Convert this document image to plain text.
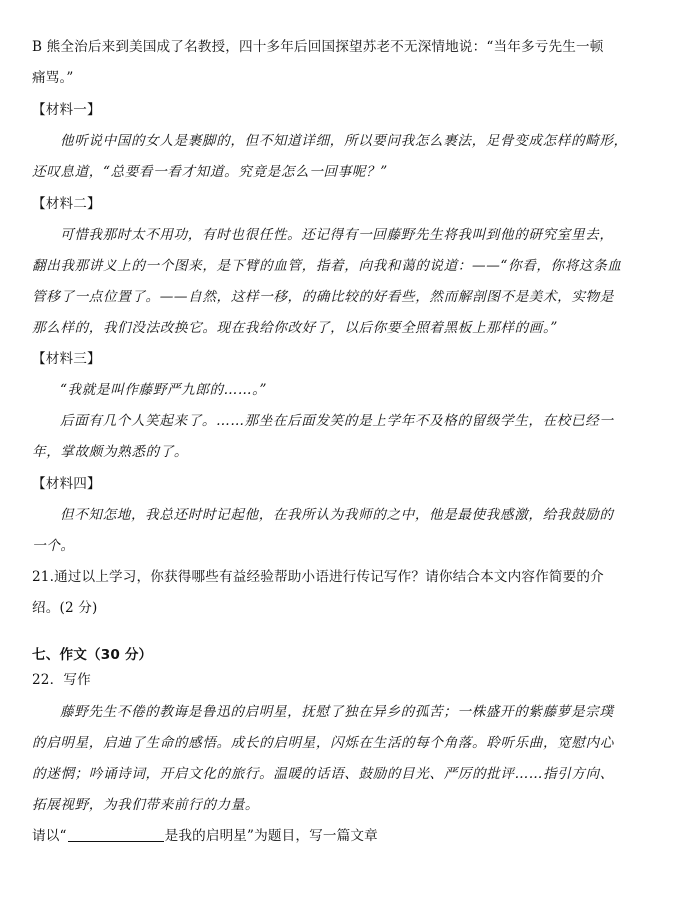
B 熊全治后来到美国成了名教授，四十多年后回国探望苏老不无深情地说：“当年多亏先生一顿
痛骂。”
【材料一】
他听说中国的女人是裹脚的，但不知道详细，所以要问我怎么裹法，足骨变成怎样的畸形，
还叹息道，“总要看一看才知道。究竟是怎么一回事呢？”
【材料二】
可惜我那时太不用功，有时也很任性。还记得有一回藤野先生将我叫到他的研究室里去，
翻出我那讲义上的一个图来，是下臂的血管，指着，向我和蔼的说道：——“你看，你将这条血
管移了一点位置了。——自然，这样一移，的确比较的好看些，然而解剖图不是美术，实物是
那么样的，我们没法改换它。现在我给你改好了，以后你要全照着黑板上那样的画。”
【材料三】
“我就是叫作藤野严九郎的……。”
后面有几个人笑起来了。……那坐在后面发笑的是上学年不及格的留级学生，在校已经一
年，掌故颇为熟悉的了。
【材料四】
但不知怎地，我总还时时记起他，在我所认为我师的之中，他是最使我感激，给我鼓励的
一个。
21.通过以上学习，你获得哪些有益经验帮助小语进行传记写作？请你结合本文内容作简要的介
绍。(2 分)
七、作文（30 分）
22．写作
藤野先生不倦的教诲是鲁迅的启明星，抚慰了独在异乡的孤苦；一株盛开的紫藤萝是宗璞
的启明星，启迪了生命的感悟。成长的启明星，闪烁在生活的每个角落。聆听乐曲，宽慰内心
的迷惘；吟诵诗词，开启文化的旅行。温暖的话语、鼓励的目光、严厉的批评……指引方向、
拓展视野，为我们带来前行的力量。
请以“	是我的启明星”为题目，写一篇文章
